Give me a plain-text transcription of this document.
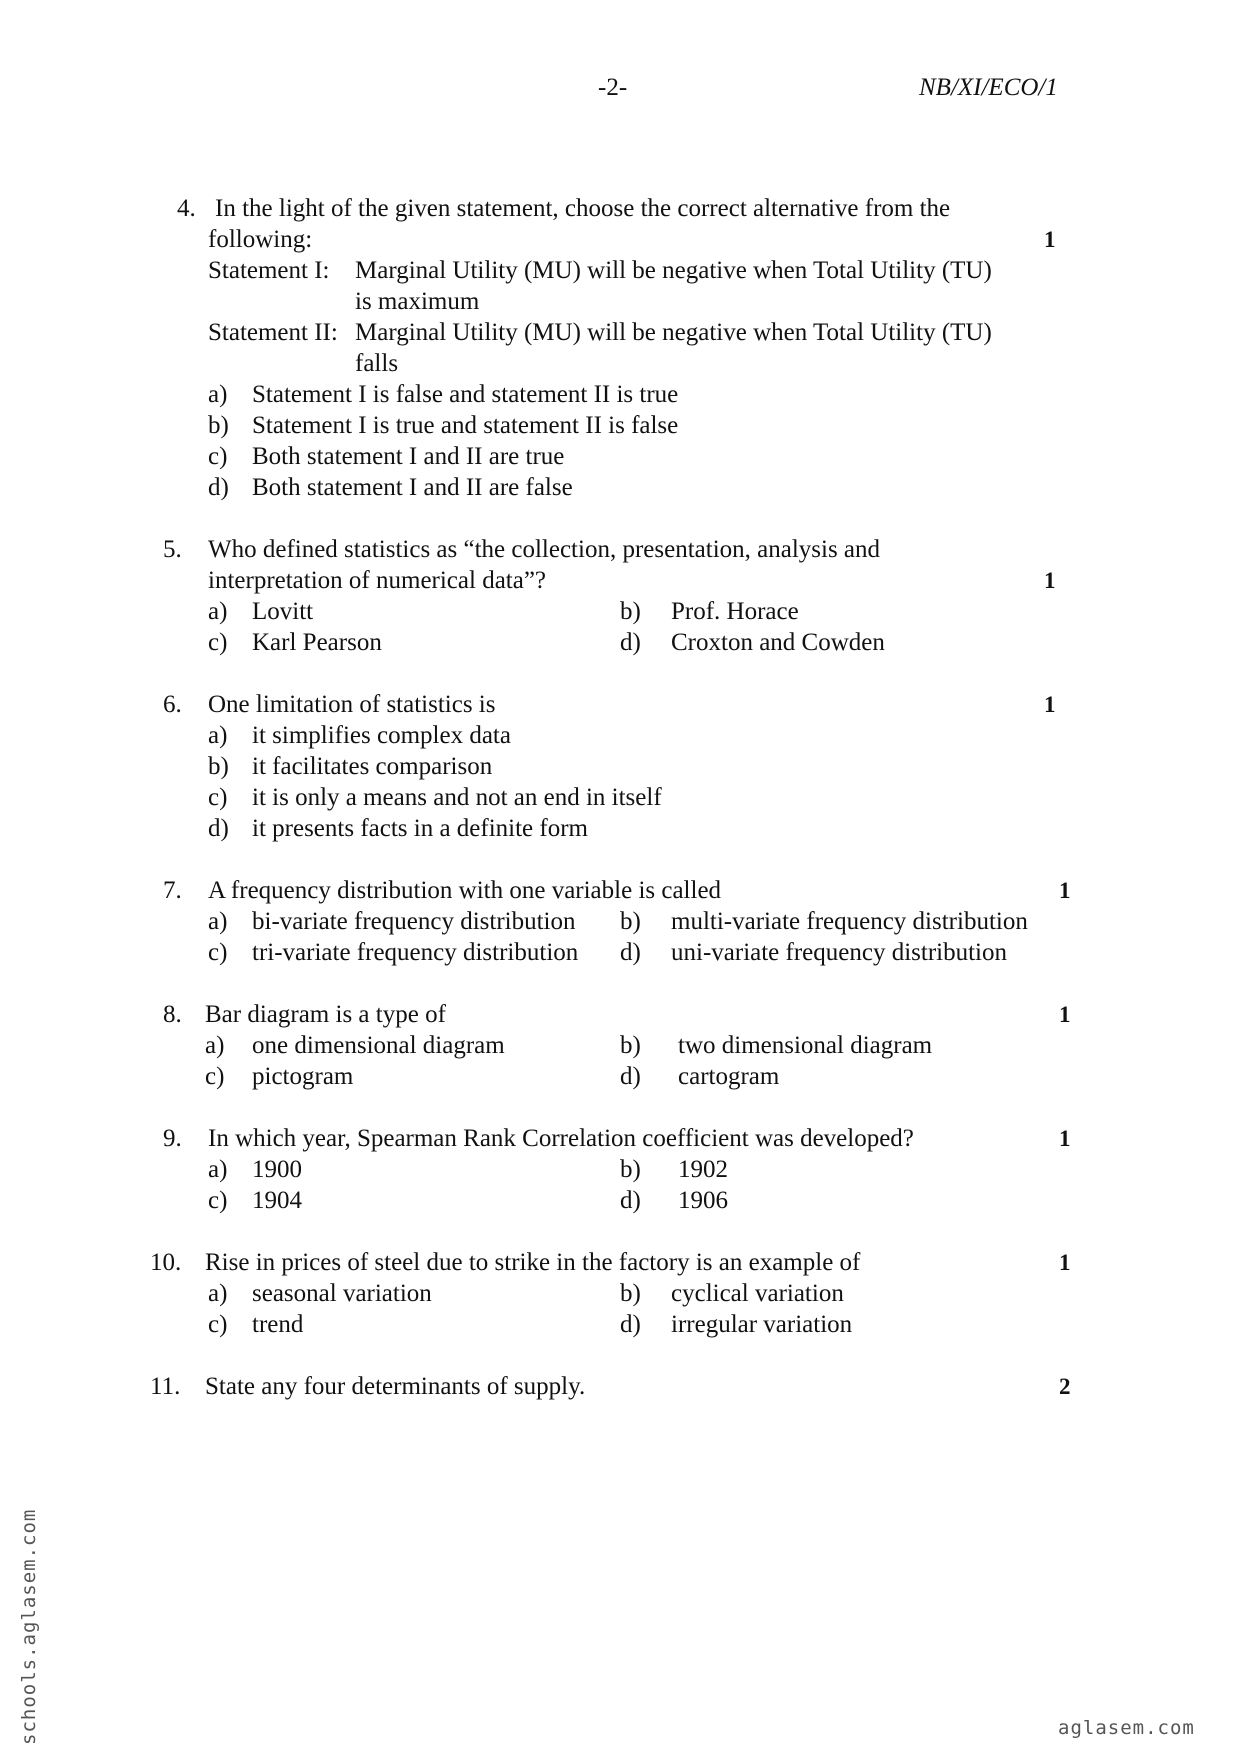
-2-	NB/XI/ECO/1
4. In the light of the given statement, choose the correct alternative from the
following:	1
Statement I: Marginal Utility (MU) will be negative when Total Utility (TU)
is maximum
Statement II: Marginal Utility (MU) will be negative when Total Utility (TU)
falls
a) Statement I is false and statement II is true
b) Statement I is true and statement II is false
c) Both statement I and II are true
d) Both statement I and II are false
5. Who defined statistics as “the collection, presentation, analysis and
interpretation of numerical data”?	1
a) Lovitt	b) Prof. Horace
c) Karl Pearson	d) Croxton and Cowden
6. One limitation of statistics is	1
a) it simplifies complex data
b) it facilitates comparison
c) it is only a means and not an end in itself
d) it presents facts in a definite form
7. A frequency distribution with one variable is called	1
a) bi-variate frequency distribution b) multi-variate frequency distribution
c) tri-variate frequency distribution d) uni-variate frequency distribution
8. Bar diagram is a type of	1
a) one dimensional diagram	b) two dimensional diagram
c) pictogram	d) cartogram
9. In which year, Spearman Rank Correlation coefficient was developed?	1
a) 1900	b) 1902
c) 1904	d) 1906
10. Rise in prices of steel due to strike in the factory is an example of	1
a) seasonal variation	b) cyclical variation
c) trend	d) irregular variation
11. State any four determinants of supply.	2
schools.aglasem.com	aglasem.com
